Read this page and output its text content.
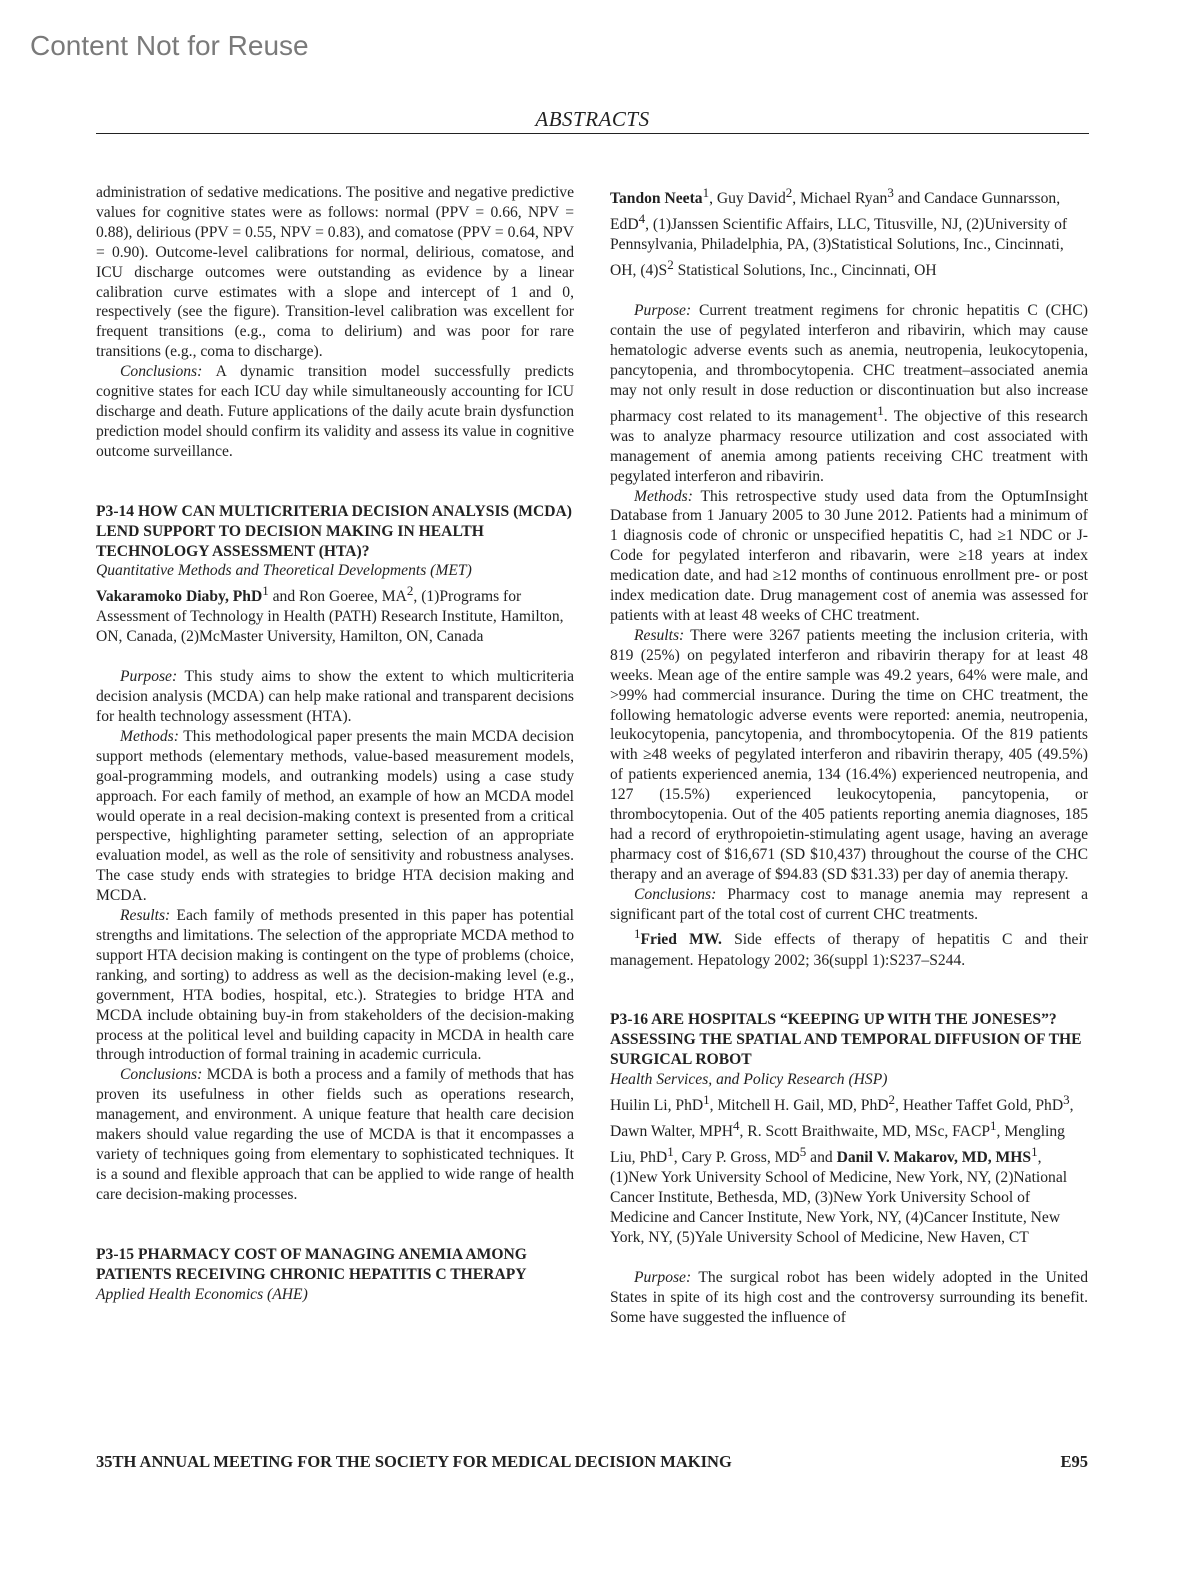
Content Not for Reuse
ABSTRACTS

administration of sedative medications. The positive and negative predictive values for cognitive states were as follows: normal (PPV = 0.66, NPV = 0.88), delirious (PPV = 0.55, NPV = 0.83), and comatose (PPV = 0.64, NPV = 0.90). Outcome-level calibrations for normal, delirious, comatose, and ICU discharge outcomes were outstanding as evidence by a linear calibration curve estimates with a slope and intercept of 1 and 0, respectively (see the figure). Transition-level calibration was excellent for frequent transitions (e.g., coma to delirium) and was poor for rare transitions (e.g., coma to discharge).

Conclusions: A dynamic transition model successfully predicts cognitive states for each ICU day while simultaneously accounting for ICU discharge and death. Future applications of the daily acute brain dysfunction prediction model should confirm its validity and assess its value in cognitive outcome surveillance.

P3-14 HOW CAN MULTICRITERIA DECISION ANALYSIS (MCDA) LEND SUPPORT TO DECISION MAKING IN HEALTH TECHNOLOGY ASSESSMENT (HTA)?

Quantitative Methods and Theoretical Developments (MET)

Vakaramoko Diaby, PhD$^1$ and Ron Goeree, $MA^2$, (1)Programs for Assessment of Technology in Health (PATH) Research Institute, Hamilton, ON, Canada, (2)McMaster University, Hamilton, ON, Canada

Purpose: This study aims to show the extent to which multicriteria decision analysis (MCDA) can help make rational and transparent decisions for health technology assessment (HTA).

Methods: This methodological paper presents the main MCDA decision support methods (elementary methods, value-based measurement models, goal-programming models, and outranking models) using a case study approach. For each family of method, an example of how an MCDA model would operate in a real decision-making context is presented from a critical perspective, highlighting parameter setting, selection of an appropriate evaluation model, as well as the role of sensitivity and robustness analyses. The case study ends with strategies to bridge HTA decision making and MCDA.

Results: Each family of methods presented in this paper has potential strengths and limitations. The selection of the appropriate MCDA method to support HTA decision making is contingent on the type of problems (choice, ranking, and sorting) to address as well as the decision-making level (e.g., government, HTA bodies, hospital, etc.). Strategies to bridge HTA and MCDA include obtaining buy-in from stakeholders of the decision-making process at the political level and building capacity in MCDA in health care through introduction of formal training in academic curricula.

Conclusions: MCDA is both a process and a family of methods that has proven its usefulness in other fields such as operations research, management, and environment. A unique feature that health care decision makers should value regarding the use of MCDA is that it encompasses a variety of techniques going from elementary to sophisticated techniques. It is a sound and flexible approach that can be applied to wide range of health care decision-making processes.

P3-15 PHARMACY COST OF MANAGING ANEMIA AMONG PATIENTS RECEIVING CHRONIC HEPATITIS C THERAPY

Applied Health Economics (AHE)

Tandon Neeta$^1$, Guy David$^2$, Michael Ryan$^3$ and Candace Gunnarsson, EdD$^4$, (1)Janssen Scientific Affairs, LLC, Titusville, NJ, (2)University of Pennsylvania, Philadelphia, PA, (3)Statistical Solutions, Inc., Cincinnati, OH, $(4)S^2$ Statistical Solutions, Inc., Cincinnati, OH

Purpose: Current treatment regimens for chronic hepatitis C (CHC) contain the use of pegylated interferon and ribavirin, which may cause hematologic adverse events such as anemia, neutropenia, leukocytopenia, pancytopenia, and thrombocytopenia. CHC treatment–associated anemia may not only result in dose reduction or discontinuation but also increase pharmacy cost related to its management$^1$. The objective of this research was to analyze pharmacy resource utilization and cost associated with management of anemia among patients receiving CHC treatment with pegylated interferon and ribavirin.

Methods: This retrospective study used data from the OptumInsight Database from 1 January 2005 to 30 June 2012. Patients had a minimum of 1 diagnosis code of chronic or unspecified hepatitis C, had ≥1 NDC or J-Code for pegylated interferon and ribavarin, were ≥18 years at index medication date, and had ≥12 months of continuous enrollment pre- or post index medication date. Drug management cost of anemia was assessed for patients with at least 48 weeks of CHC treatment.

Results: There were 3267 patients meeting the inclusion criteria, with 819 (25%) on pegylated interferon and ribavirin therapy for at least 48 weeks. Mean age of the entire sample was 49.2 years, 64% were male, and >99% had commercial insurance. During the time on CHC treatment, the following hematologic adverse events were reported: anemia, neutropenia, leukocytopenia, pancytopenia, and thrombocytopenia. Of the 819 patients with ≥48 weeks of pegylated interferon and ribavirin therapy, 405 (49.5%) of patients experienced anemia, 134 (16.4%) experienced neutropenia, and 127 (15.5%) experienced leukocytopenia, pancytopenia, or thrombocytopenia. Out of the 405 patients reporting anemia diagnoses, 185 had a record of erythropoietin-stimulating agent usage, having an average pharmacy cost of $16,671 (SD $10,437) throughout the course of the CHC therapy and an average of $94.83 (SD $31.33) per day of anemia therapy.

Conclusions: Pharmacy cost to manage anemia may represent a significant part of the total cost of current CHC treatments.

$^1$Fried MW. Side effects of therapy of hepatitis C and their management. Hepatology 2002; 36(suppl 1):S237–S244.

P3-16 ARE HOSPITALS “KEEPING UP WITH THE JONESES”? ASSESSING THE SPATIAL AND TEMPORAL DIFFUSION OF THE SURGICAL ROBOT

Health Services, and Policy Research (HSP)

Huilin Li, PhD$^1$, Mitchell H. Gail, MD, PhD$^2$, Heather Taffet Gold, PhD$^3$, Dawn Walter, MPH$^4$, R. Scott Braithwaite, MD, MSc, FACP$^1$, Mengling Liu, PhD$^1$, Cary P. Gross, $MD^5$ and Danil V. Makarov, MD, MHS$^1$, (1)New York University School of Medicine, New York, NY, (2)National Cancer Institute, Bethesda, MD, (3)New York University School of Medicine and Cancer Institute, New York, NY, (4)Cancer Institute, New York, NY, (5)Yale University School of Medicine, New Haven, CT

Purpose: The surgical robot has been widely adopted in the United States in spite of its high cost and the controversy surrounding its benefit. Some have suggested the influence of

35TH ANNUAL MEETING FOR THE SOCIETY FOR MEDICAL DECISION MAKING	E95
